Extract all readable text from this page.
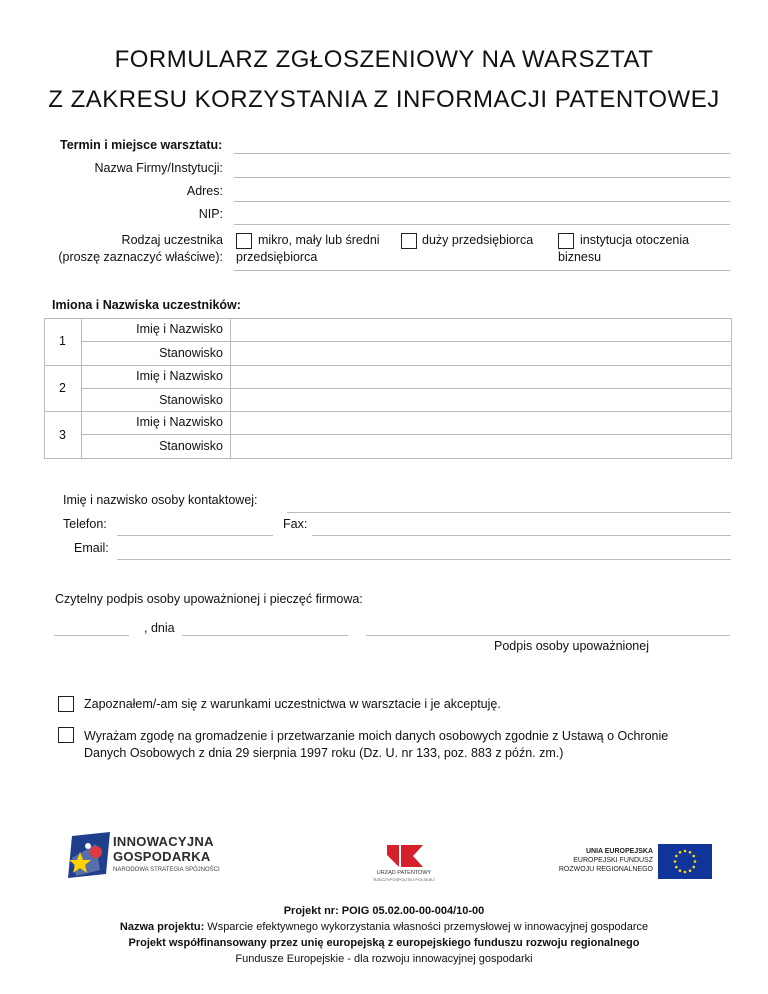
FORMULARZ ZGŁOSZENIOWY NA WARSZTAT
Z ZAKRESU KORZYSTANIA Z INFORMACJI PATENTOWEJ
Termin i miejsce warsztatu:
Nazwa Firmy/Instytucji:
Adres:
NIP:
Rodzaj uczestnika
(proszę zaznaczyć właściwe):
mikro, mały lub średni
przedsiębiorca
duży przedsiębiorca	instytucja otoczenia
biznesu
Imiona i Nazwiska uczestników:
1
Imię i Nazwisko
Stanowisko
2
Imię i Nazwisko
Stanowisko
3
Imię i Nazwisko
Stanowisko
Imię i nazwisko osoby kontaktowej:
Telefon:	Fax:
Email:
Czytelny podpis osoby upoważnionej i pieczęć firmowa:
, dnia
Podpis osoby upoważnionej
Zapoznałem/-am się z warunkami uczestnictwa w warsztacie i je akceptuję.
Wyrażam zgodę na gromadzenie i przetwarzanie moich danych osobowych zgodnie z Ustawą o Ochronie
Danych Osobowych z dnia 29 sierpnia 1997 roku (Dz. U. nr 133, poz. 883 z późn. zm.)
INNOWACYJNA
GOSPODARKA
NARODOWA STRATEGIA SPÓJNOŚCI	URZĄD PATENTOWY
RZECZYPOSPOLITEJ POLSKIEJ
UNIA EUROPEJSKA
EUROPEJSKI FUNDUSZ
ROZWOJU REGIONALNEGO
Projekt nr: POIG 05.02.00-00-004/10-00
Nazwa projektu: Wsparcie efektywnego wykorzystania własności przemysłowej w innowacyjnej gospodarce
Projekt współfinansowany przez unię europejską z europejskiego funduszu rozwoju regionalnego
Fundusze Europejskie - dla rozwoju innowacyjnej gospodarki
